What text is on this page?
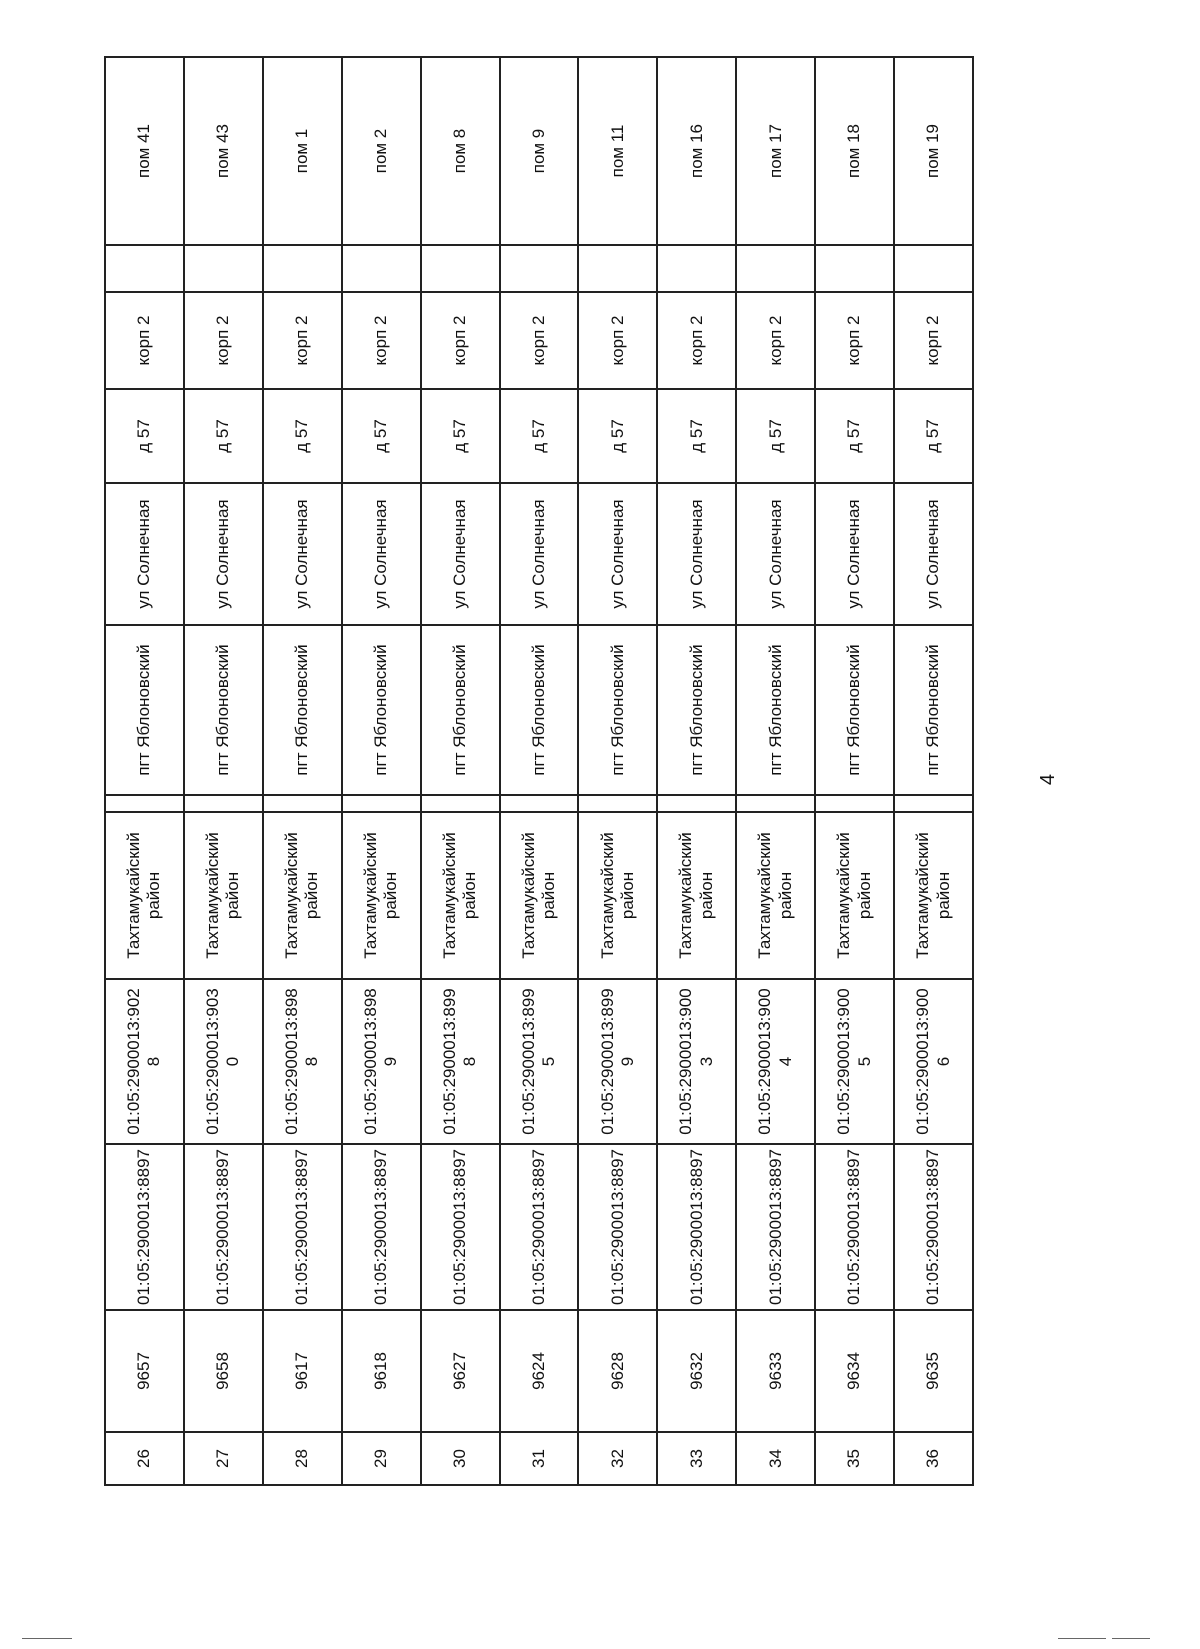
26	9657	01:05:2900013:8897	01:05:2900013:9028	Тахтамукайский район		пгт Яблоновский	ул Солнечная	д 57	корп 2		пом 41
27	9658	01:05:2900013:8897	01:05:2900013:9030	Тахтамукайский район		пгт Яблоновский	ул Солнечная	д 57	корп 2		пом 43
28	9617	01:05:2900013:8897	01:05:2900013:8988	Тахтамукайский район		пгт Яблоновский	ул Солнечная	д 57	корп 2		пом 1
29	9618	01:05:2900013:8897	01:05:2900013:8989	Тахтамукайский район		пгт Яблоновский	ул Солнечная	д 57	корп 2		пом 2
30	9627	01:05:2900013:8897	01:05:2900013:8998	Тахтамукайский район		пгт Яблоновский	ул Солнечная	д 57	корп 2		пом 8
31	9624	01:05:2900013:8897	01:05:2900013:8995	Тахтамукайский район		пгт Яблоновский	ул Солнечная	д 57	корп 2		пом 9
32	9628	01:05:2900013:8897	01:05:2900013:8999	Тахтамукайский район		пгт Яблоновский	ул Солнечная	д 57	корп 2		пом 11
33	9632	01:05:2900013:8897	01:05:2900013:9003	Тахтамукайский район		пгт Яблоновский	ул Солнечная	д 57	корп 2		пом 16
34	9633	01:05:2900013:8897	01:05:2900013:9004	Тахтамукайский район		пгт Яблоновский	ул Солнечная	д 57	корп 2		пом 17
35	9634	01:05:2900013:8897	01:05:2900013:9005	Тахтамукайский район		пгт Яблоновский	ул Солнечная	д 57	корп 2		пом 18
36	9635	01:05:2900013:8897	01:05:2900013:9006	Тахтамукайский район		пгт Яблоновский	ул Солнечная	д 57	корп 2		пом 19
4
